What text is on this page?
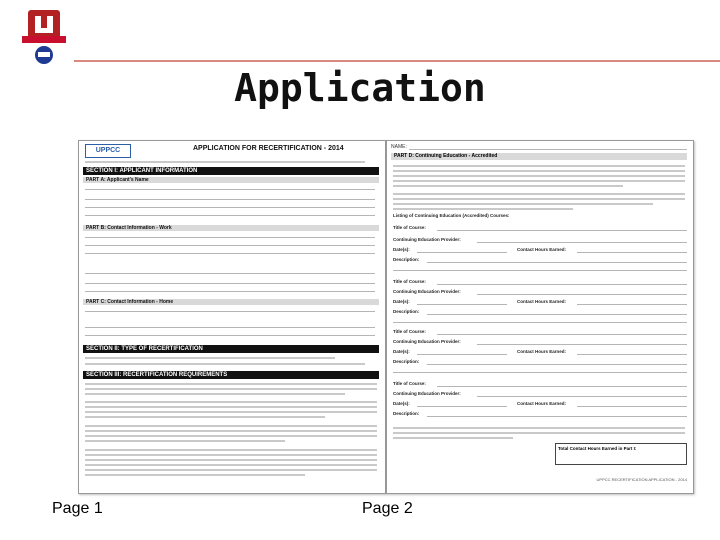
Application
UPPCC	APPLICATION FOR RECERTIFICATION - 2014
SECTION I: APPLICANT INFORMATION
PART A: Applicant's Name
PART B: Contact Information - Work
PART C: Contact Information - Home
SECTION II: TYPE OF RECERTIFICATION
SECTION III: RECERTIFICATION REQUIREMENTS
NAME:
PART D: Continuing Education - Accredited
Listing of Continuing Education (Accredited) Courses:
Title of Course:
Continuing Education Provider:
Date(s):	Contact Hours Earned:
Description:
Title of Course:
Continuing Education Provider:
Date(s):	Contact Hours Earned:
Description:
Title of Course:
Continuing Education Provider:
Date(s):	Contact Hours Earned:
Description:
Title of Course:
Continuing Education Provider:
Date(s):	Contact Hours Earned:
Description:
Total Contact Hours Earned in Part I:
UPPCC RECERTIFICATION APPLICATION - 2014
Page 1	Page 2
